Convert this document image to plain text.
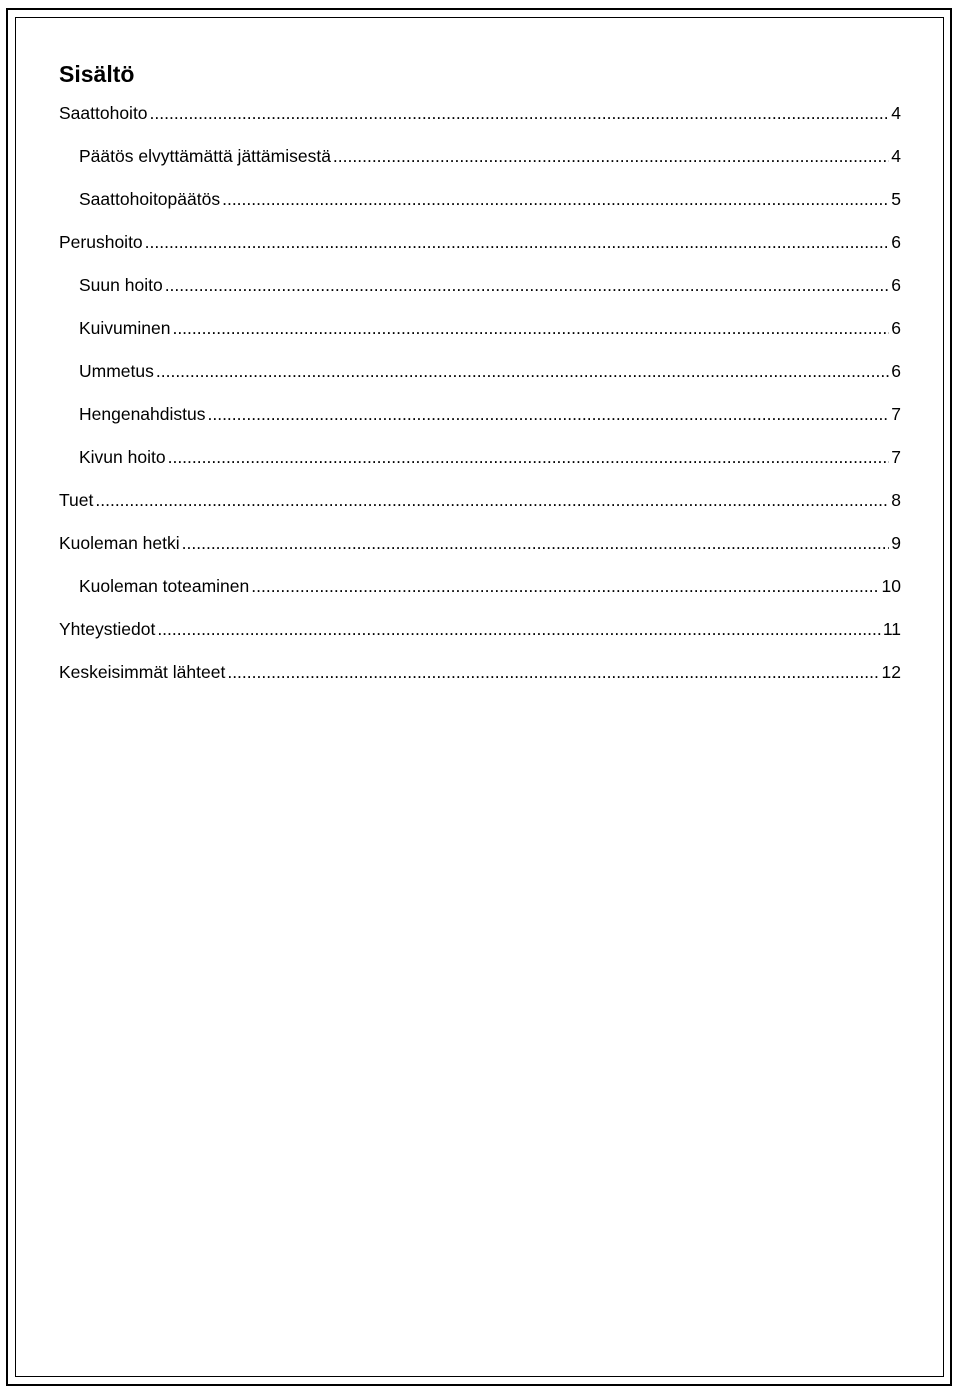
Sisältö
Saattohoito .....	4
Päätös elvyttämättä jättämisestä .....	4
Saattohoitopäätös .....	5
Perushoito .....	6
Suun hoito .....	6
Kuivuminen .....	6
Ummetus .....	6
Hengenahdistus .....	7
Kivun hoito .....	7
Tuet .....	8
Kuoleman hetki .....	9
Kuoleman toteaminen .....	10
Yhteystiedot .....	11
Keskeisimmät lähteet .....	12
